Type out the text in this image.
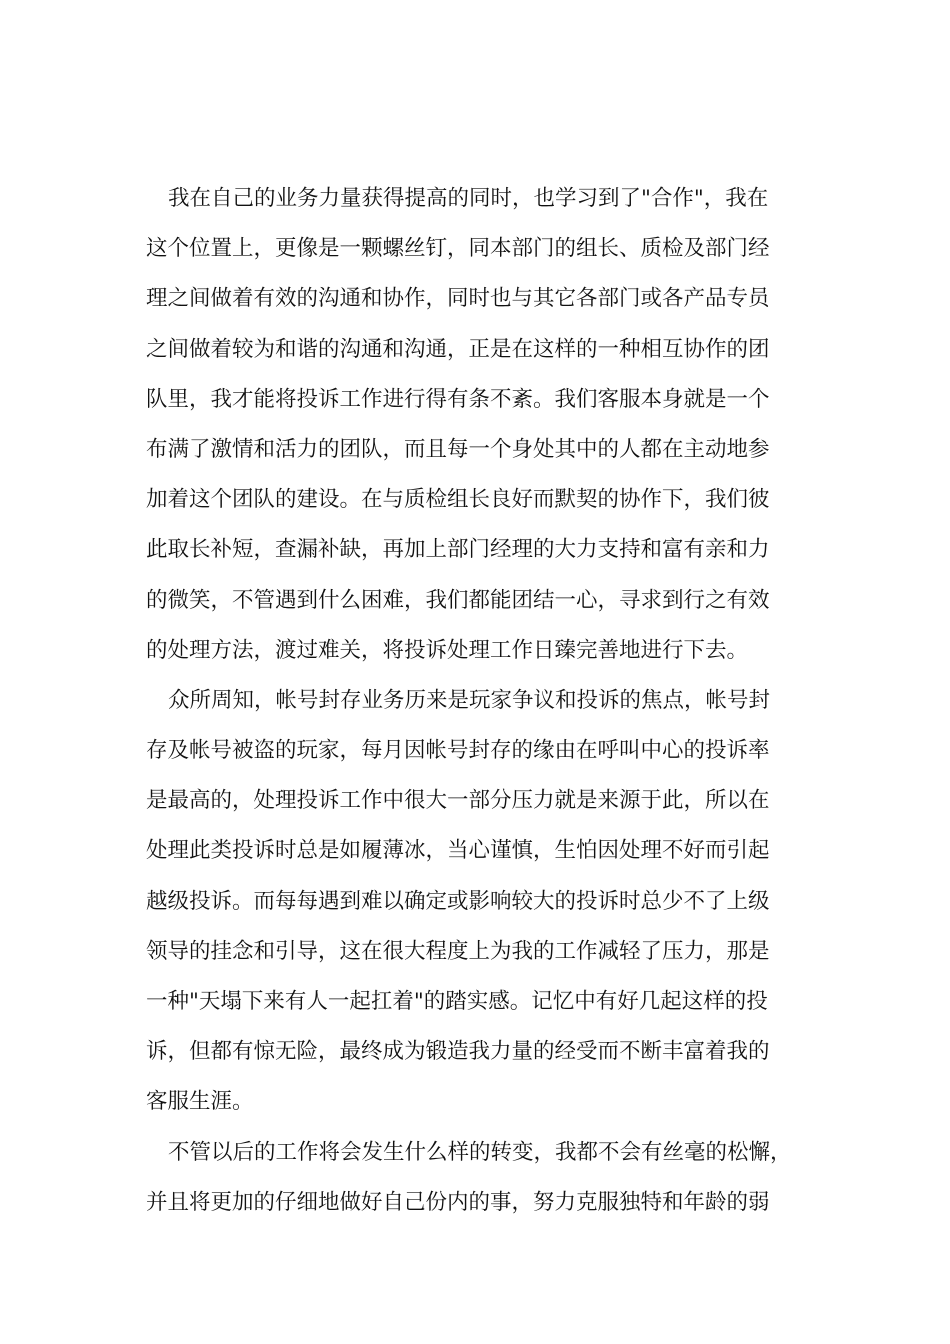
我在自己的业务力量获得提高的同时，也学习到了"合作"，我在
这个位置上，更像是一颗螺丝钉，同本部门的组长、质检及部门经
理之间做着有效的沟通和协作，同时也与其它各部门或各产品专员
之间做着较为和谐的沟通和沟通，正是在这样的一种相互协作的团
队里，我才能将投诉工作进行得有条不紊。我们客服本身就是一个
布满了激情和活力的团队，而且每一个身处其中的人都在主动地参
加着这个团队的建设。在与质检组长良好而默契的协作下，我们彼
此取长补短，查漏补缺，再加上部门经理的大力支持和富有亲和力
的微笑，不管遇到什么困难，我们都能团结一心，寻求到行之有效
的处理方法，渡过难关，将投诉处理工作日臻完善地进行下去。
众所周知，帐号封存业务历来是玩家争议和投诉的焦点，帐号封
存及帐号被盗的玩家，每月因帐号封存的缘由在呼叫中心的投诉率
是最高的，处理投诉工作中很大一部分压力就是来源于此，所以在
处理此类投诉时总是如履薄冰，当心谨慎，生怕因处理不好而引起
越级投诉。而每每遇到难以确定或影响较大的投诉时总少不了上级
领导的挂念和引导，这在很大程度上为我的工作减轻了压力，那是
一种"天塌下来有人一起扛着"的踏实感。记忆中有好几起这样的投
诉，但都有惊无险，最终成为锻造我力量的经受而不断丰富着我的
客服生涯。
不管以后的工作将会发生什么样的转变，我都不会有丝毫的松懈，
并且将更加的仔细地做好自己份内的事，努力克服独特和年龄的弱
